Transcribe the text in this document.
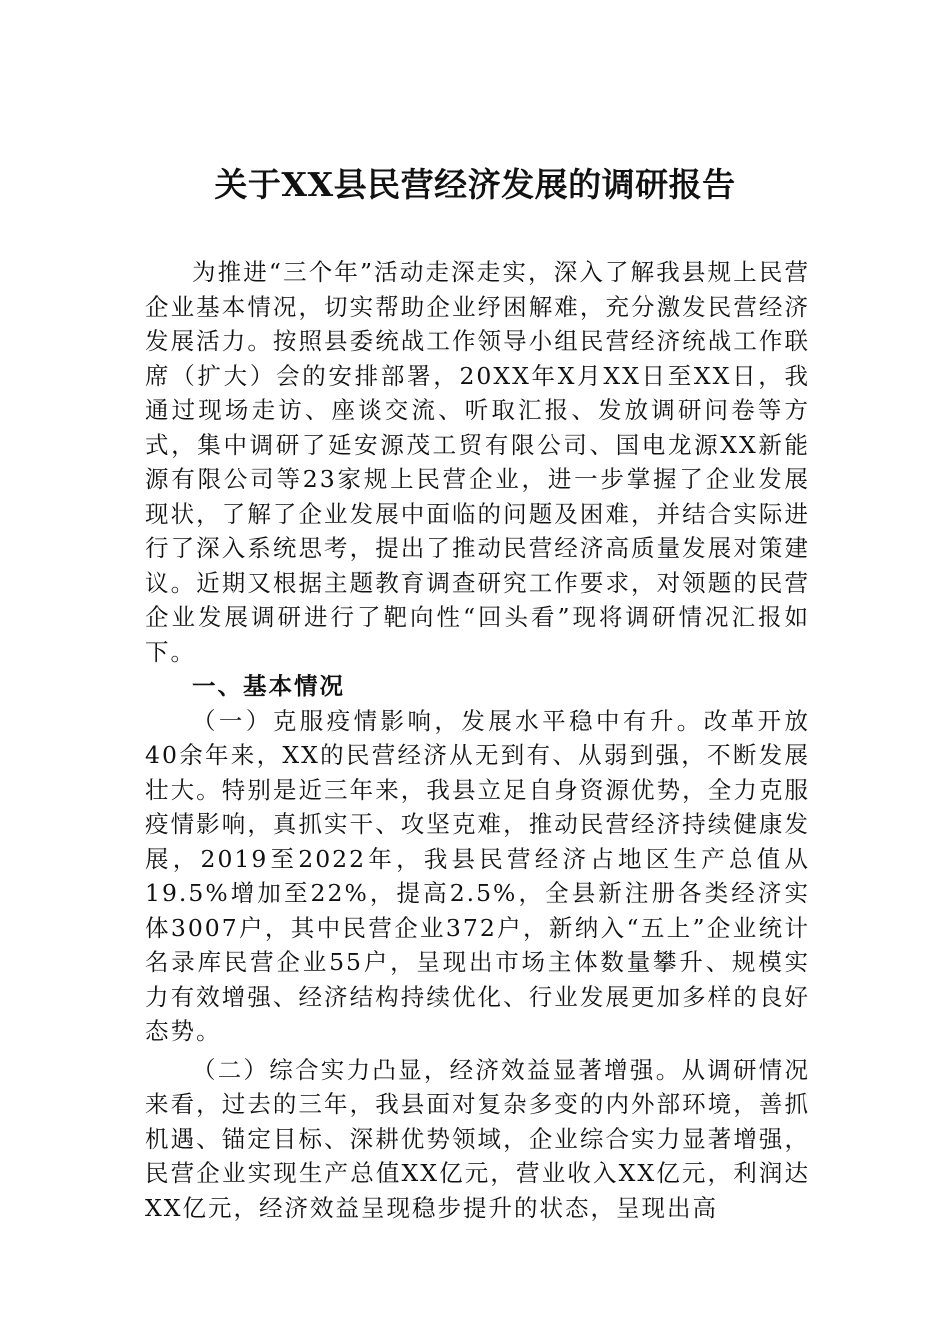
关于XX县民营经济发展的调研报告

为推进“三个年”活动走深走实，深入了解我县规上民营企业基本情况，切实帮助企业纾困解难，充分激发民营经济发展活力。按照县委统战工作领导小组民营经济统战工作联席（扩大）会的安排部署，20XX年X月XX日至XX日，我通过现场走访、座谈交流、听取汇报、发放调研问卷等方式，集中调研了延安源茂工贸有限公司、国电龙源XX新能源有限公司等23家规上民营企业，进一步掌握了企业发展现状，了解了企业发展中面临的问题及困难，并结合实际进行了深入系统思考，提出了推动民营经济高质量发展对策建议。近期又根据主题教育调查研究工作要求，对领题的民营企业发展调研进行了靶向性“回头看”现将调研情况汇报如下。

一、基本情况

（一）克服疫情影响，发展水平稳中有升。改革开放40余年来，XX的民营经济从无到有、从弱到强，不断发展壮大。特别是近三年来，我县立足自身资源优势，全力克服疫情影响，真抓实干、攻坚克难，推动民营经济持续健康发展，2019至2022年，我县民营经济占地区生产总值从19.5%增加至22%，提高2.5%，全县新注册各类经济实体3007户，其中民营企业372户，新纳入“五上”企业统计名录库民营企业55户，呈现出市场主体数量攀升、规模实力有效增强、经济结构持续优化、行业发展更加多样的良好态势。

（二）综合实力凸显，经济效益显著增强。从调研情况来看，过去的三年，我县面对复杂多变的内外部环境，善抓机遇、锚定目标、深耕优势领域，企业综合实力显著增强，民营企业实现生产总值XX亿元，营业收入XX亿元，利润达XX亿元，经济效益呈现稳步提升的状态，呈现出高
